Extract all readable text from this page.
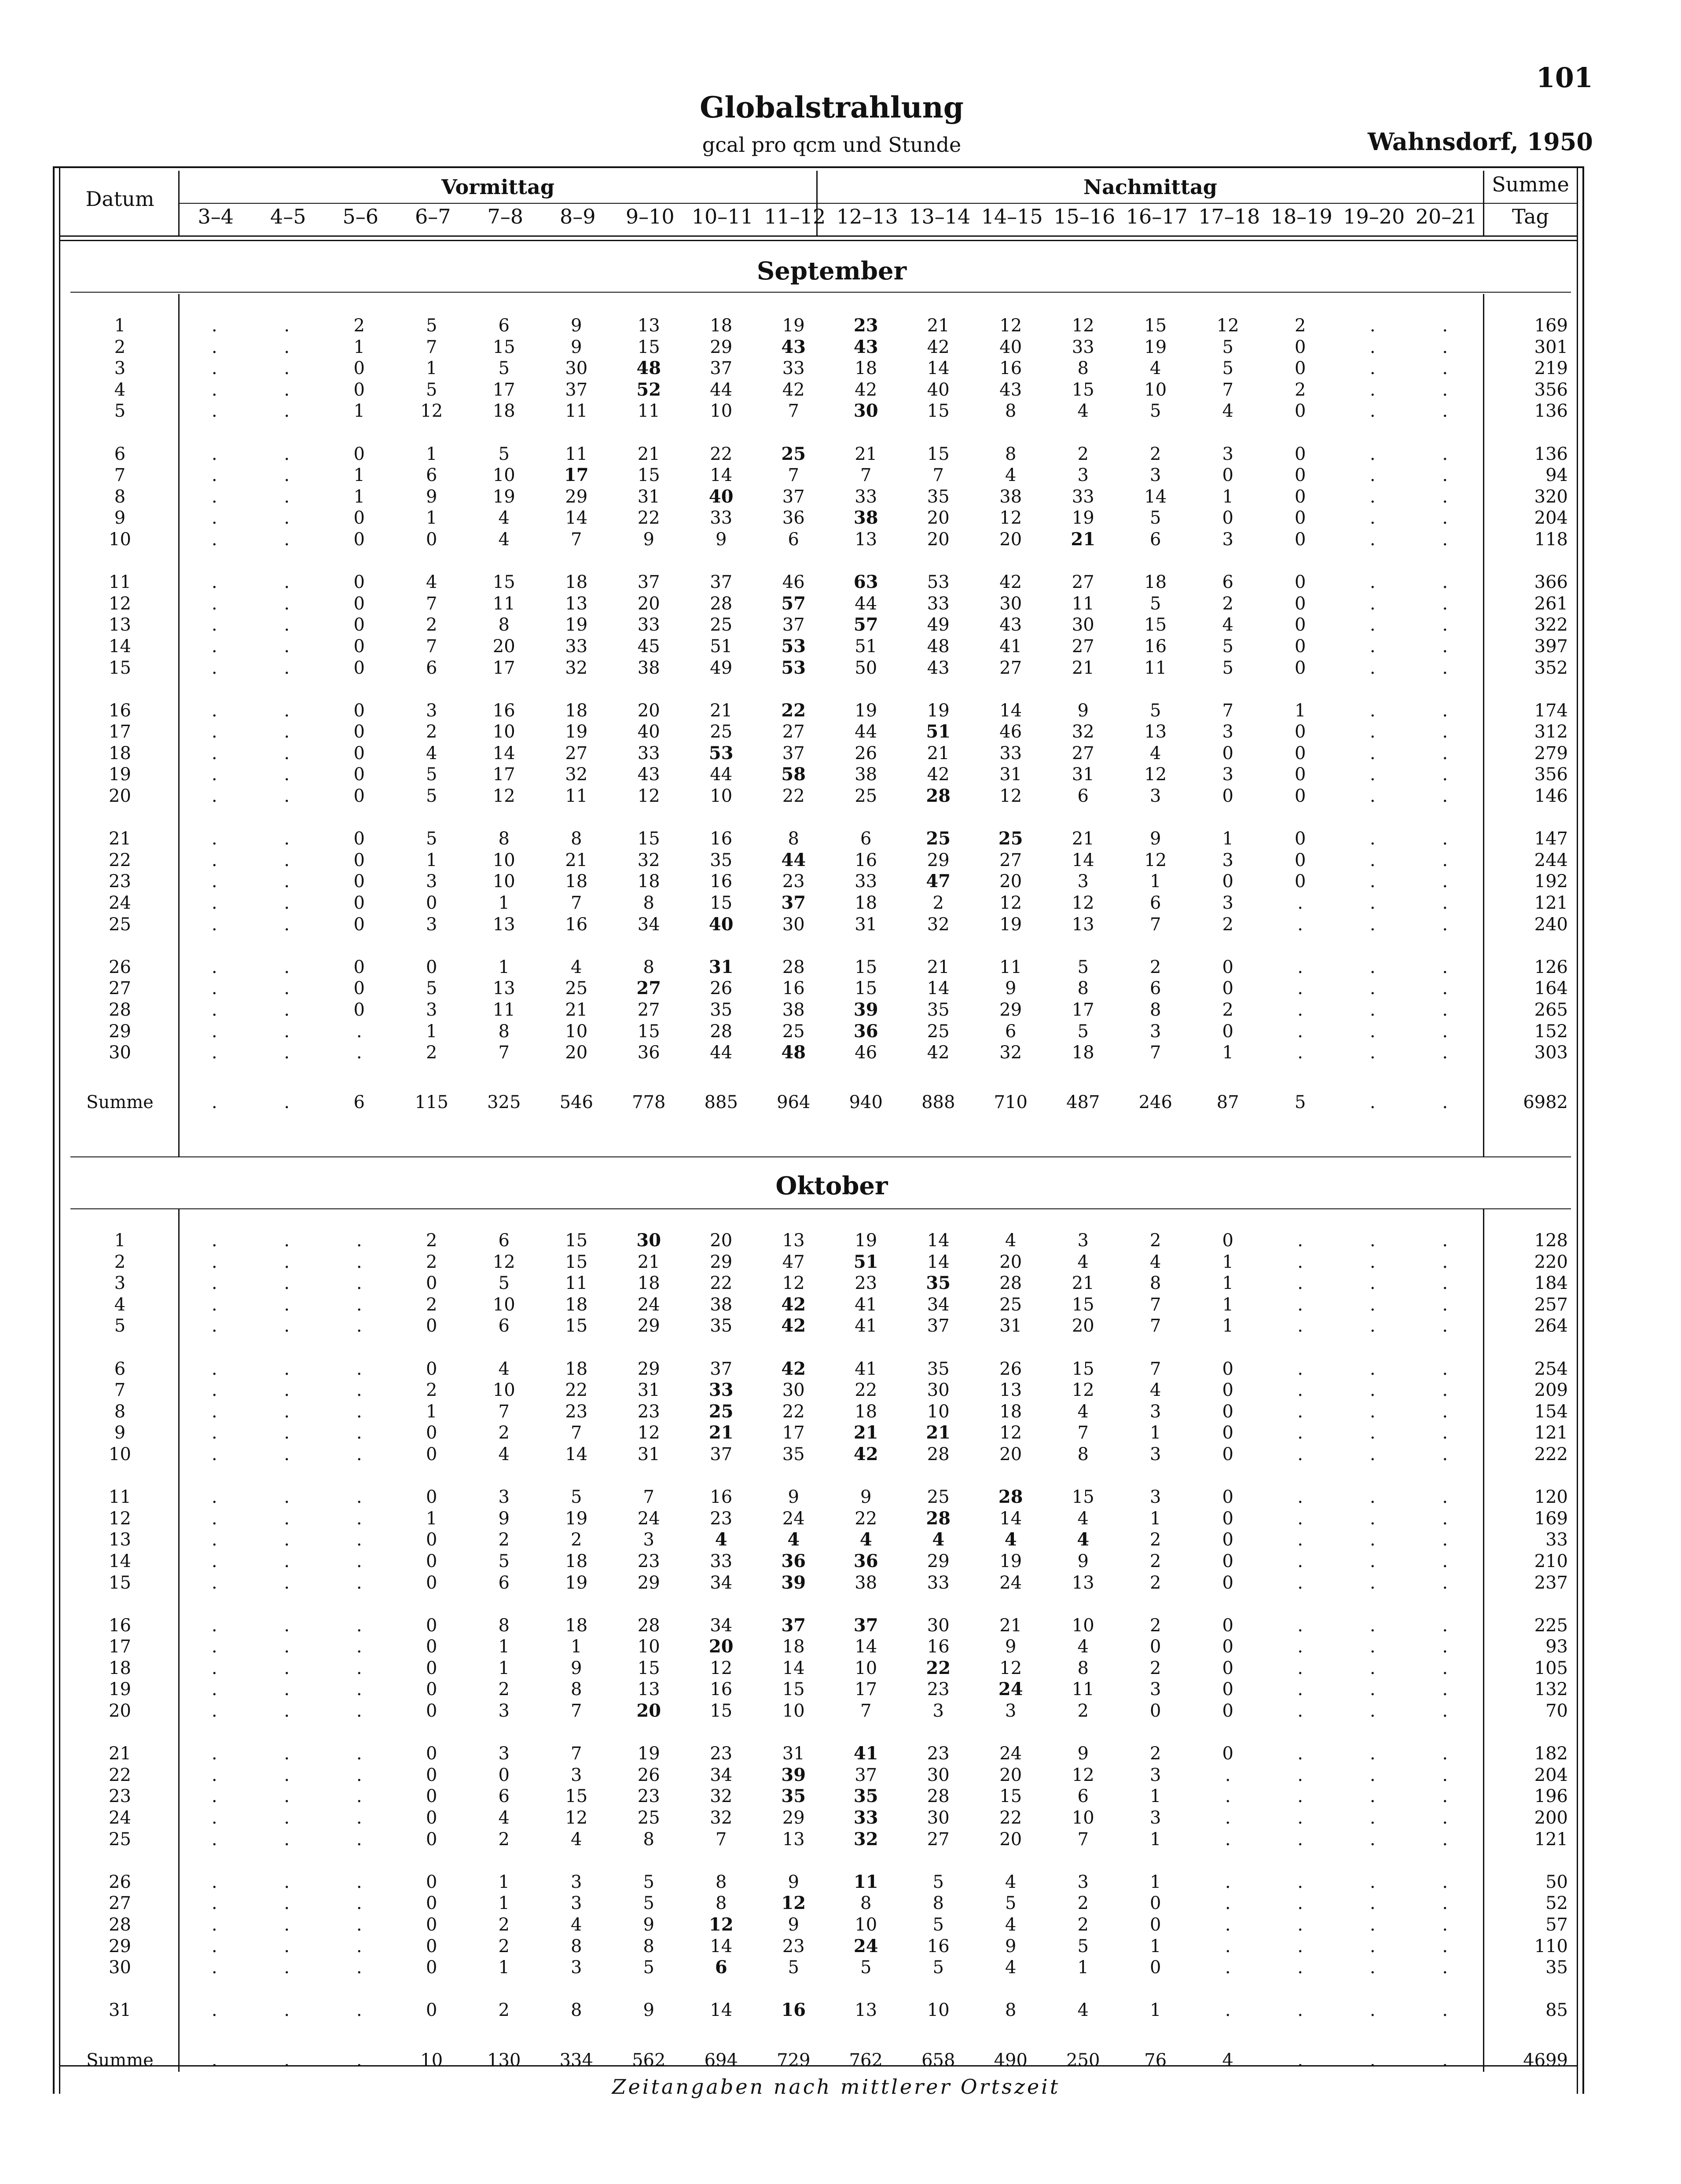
Globalstrahlung
gcal pro qcm und Stunde
101
Wahnsdorf, 1950
Datum	Vormittag	Nachmittag	Summe
Tag
3–4	4–5	5–6	6–7	7–8	8–9	9–10 10–11 11–12 12–13 13–14 14–15 15–16 16–17 17–18 18–19 19–20 20–21
September
Oktober
1	.	.	2	5	6	9	13	18	19	23	21	12	12	15	12	2	.	.	169
2	.	.	1	7	15	9	15	29	43	43	42	40	33	19	5	0	.	.	301
3	.	.	0	1	5	30	48	37	33	18	14	16	8	4	5	0	.	.	219
4	.	.	0	5	17	37	52	44	42	42	40	43	15	10	7	2	.	.	356
5	.	.	1	12	18	11	11	10	7	30	15	8	4	5	4	0	.	.	136

6	.	.	0	1	5	11	21	22	25	21	15	8	2	2	3	0	.	.	136
7	.	.	1	6	10	17	15	14	7	7	7	4	3	3	0	0	.	.	94
8	.	.	1	9	19	29	31	40	37	33	35	38	33	14	1	0	.	.	320
9	.	.	0	1	4	14	22	33	36	38	20	12	19	5	0	0	.	.	204
10	.	.	0	0	4	7	9	9	6	13	20	20	21	6	3	0	.	.	118

11	.	.	0	4	15	18	37	37	46	63	53	42	27	18	6	0	.	.	366
12	.	.	0	7	11	13	20	28	57	44	33	30	11	5	2	0	.	.	261
13	.	.	0	2	8	19	33	25	37	57	49	43	30	15	4	0	.	.	322
14	.	.	0	7	20	33	45	51	53	51	48	41	27	16	5	0	.	.	397
15	.	.	0	6	17	32	38	49	53	50	43	27	21	11	5	0	.	.	352

16	.	.	0	3	16	18	20	21	22	19	19	14	9	5	7	1	.	.	174
17	.	.	0	2	10	19	40	25	27	44	51	46	32	13	3	0	.	.	312
18	.	.	0	4	14	27	33	53	37	26	21	33	27	4	0	0	.	.	279
19	.	.	0	5	17	32	43	44	58	38	42	31	31	12	3	0	.	.	356
20	.	.	0	5	12	11	12	10	22	25	28	12	6	3	0	0	.	.	146

21	.	.	0	5	8	8	15	16	8	6	25	25	21	9	1	0	.	.	147
22	.	.	0	1	10	21	32	35	44	16	29	27	14	12	3	0	.	.	244
23	.	.	0	3	10	18	18	16	23	33	47	20	3	1	0	0	.	.	192
24	.	.	0	0	1	7	8	15	37	18	2	12	12	6	3	.	.	.	121
25	.	.	0	3	13	16	34	40	30	31	32	19	13	7	2	.	.	.	240

26	.	.	0	0	1	4	8	31	28	15	21	11	5	2	0	.	.	.	126
27	.	.	0	5	13	25	27	26	16	15	14	9	8	6	0	.	.	.	164
28	.	.	0	3	11	21	27	35	38	39	35	29	17	8	2	.	.	.	265
29	.	.	.	1	8	10	15	28	25	36	25	6	5	3	0	.	.	.	152
30	.	.	.	2	7	20	36	44	48	46	42	32	18	7	1	.	.	.	303

Summe	.	.	6	115	325	546	778	885	964	940	888	710	487	246	87	5	.	.	6982
1	.	.	.	2	6	15	30	20	13	19	14	4	3	2	0	.	.	.	128
2	.	.	.	2	12	15	21	29	47	51	14	20	4	4	1	.	.	.	220
3	.	.	.	0	5	11	18	22	12	23	35	28	21	8	1	.	.	.	184
4	.	.	.	2	10	18	24	38	42	41	34	25	15	7	1	.	.	.	257
5	.	.	.	0	6	15	29	35	42	41	37	31	20	7	1	.	.	.	264

6	.	.	.	0	4	18	29	37	42	41	35	26	15	7	0	.	.	.	254
7	.	.	.	2	10	22	31	33	30	22	30	13	12	4	0	.	.	.	209
8	.	.	.	1	7	23	23	25	22	18	10	18	4	3	0	.	.	.	154
9	.	.	.	0	2	7	12	21	17	21	21	12	7	1	0	.	.	.	121
10	.	.	.	0	4	14	31	37	35	42	28	20	8	3	0	.	.	.	222

11	.	.	.	0	3	5	7	16	9	9	25	28	15	3	0	.	.	.	120
12	.	.	.	1	9	19	24	23	24	22	28	14	4	1	0	.	.	.	169
13	.	.	.	0	2	2	3	4	4	4	4	4	4	2	0	.	.	.	33
14	.	.	.	0	5	18	23	33	36	36	29	19	9	2	0	.	.	.	210
15	.	.	.	0	6	19	29	34	39	38	33	24	13	2	0	.	.	.	237

16	.	.	.	0	8	18	28	34	37	37	30	21	10	2	0	.	.	.	225
17	.	.	.	0	1	1	10	20	18	14	16	9	4	0	0	.	.	.	93
18	.	.	.	0	1	9	15	12	14	10	22	12	8	2	0	.	.	.	105
19	.	.	.	0	2	8	13	16	15	17	23	24	11	3	0	.	.	.	132
20	.	.	.	0	3	7	20	15	10	7	3	3	2	0	0	.	.	.	70

21	.	.	.	0	3	7	19	23	31	41	23	24	9	2	0	.	.	.	182
22	.	.	.	0	0	3	26	34	39	37	30	20	12	3	.	.	.	.	204
23	.	.	.	0	6	15	23	32	35	35	28	15	6	1	.	.	.	.	196
24	.	.	.	0	4	12	25	32	29	33	30	22	10	3	.	.	.	.	200
25	.	.	.	0	2	4	8	7	13	32	27	20	7	1	.	.	.	.	121

26	.	.	.	0	1	3	5	8	9	11	5	4	3	1	.	.	.	.	50
27	.	.	.	0	1	3	5	8	12	8	8	5	2	0	.	.	.	.	52
28	.	.	.	0	2	4	9	12	9	10	5	4	2	0	.	.	.	.	57
29	.	.	.	0	2	8	8	14	23	24	16	9	5	1	.	.	.	.	110
30	.	.	.	0	1	3	5	6	5	5	5	4	1	0	.	.	.	.	35

31	.	.	.	0	2	8	9	14	16	13	10	8	4	1	.	.	.	.	85

Summe	.	.	.	10	130	334	562	694	729	762	658	490	250	76	4	.	.	.	4699
Zeitangaben nach mittlerer Ortszeit
